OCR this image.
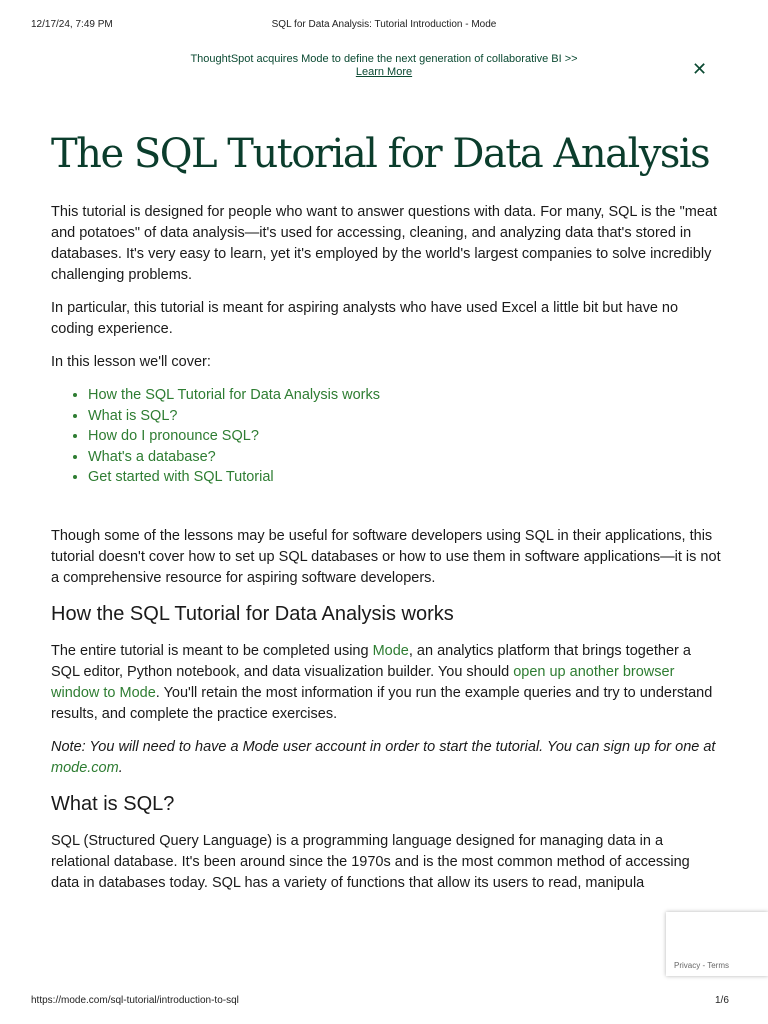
12/17/24, 7:49 PM	SQL for Data Analysis: Tutorial Introduction - Mode
ThoughtSpot acquires Mode to define the next generation of collaborative BI >>
Learn More	✕
The SQL Tutorial for Data Analysis

This tutorial is designed for people who want to answer questions with data. For many, SQL is the "meat and potatoes" of data analysis—it's used for accessing, cleaning, and analyzing data that's stored in databases. It's very easy to learn, yet it's employed by the world's largest companies to solve incredibly challenging problems.

In particular, this tutorial is meant for aspiring analysts who have used Excel a little bit but have no coding experience.

In this lesson we'll cover:

• How the SQL Tutorial for Data Analysis works
• What is SQL?
• How do I pronounce SQL?
• What's a database?
• Get started with SQL Tutorial

Though some of the lessons may be useful for software developers using SQL in their applications, this tutorial doesn't cover how to set up SQL databases or how to use them in software applications—it is not a comprehensive resource for aspiring software developers.

How the SQL Tutorial for Data Analysis works

The entire tutorial is meant to be completed using Mode, an analytics platform that brings together a SQL editor, Python notebook, and data visualization builder. You should open up another browser window to Mode. You'll retain the most information if you run the example queries and try to understand results, and complete the practice exercises.

Note: You will need to have a Mode user account in order to start the tutorial. You can sign up for one at mode.com.

What is SQL?

SQL (Structured Query Language) is a programming language designed for managing data in a relational database. It's been around since the 1970s and is the most common method of accessing data in databases today. SQL has a variety of functions that allow its users to read, manipula

Privacy - Terms
https://mode.com/sql-tutorial/introduction-to-sql	1/6
